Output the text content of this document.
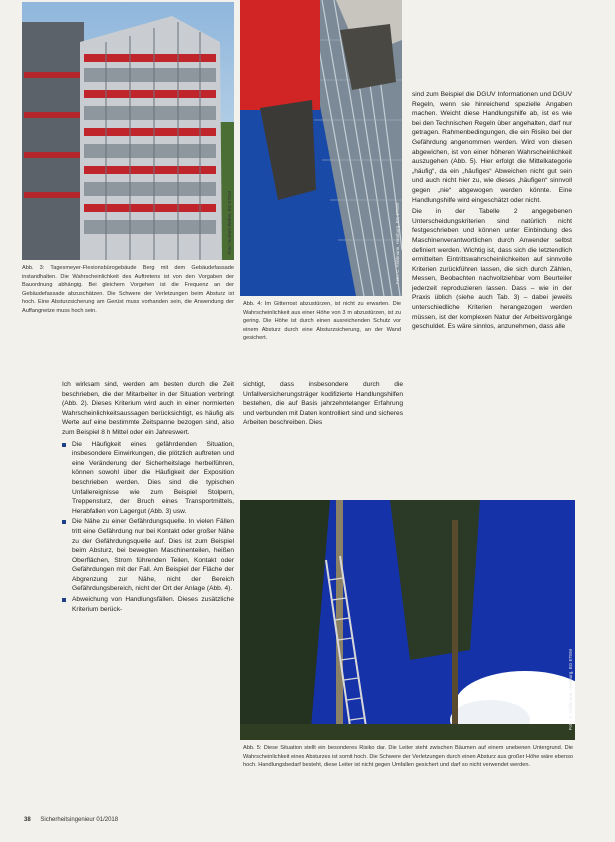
Foto: Norbert Weber, BG ETEM

Abb. 3: Tagesmeyer-Flexionsbürogebäude Berg mit dem Gebäudefassade instandhalten. Die Wahrscheinlichkeit des Auftretens ist von den Vorgaben der Bauordnung abhängig. Bei gleichem Vorgehen ist die Frequenz an der Gebäudefassade abzuschätzen. Die Schwere der Verletzungen beim Absturz ist hoch. Eine Absturzsicherung am Gerüst muss vorhanden sein, die Anwendung der Auffangnetze muss hoch sein.

Foto: C. Kühlmann, Hamburg, BG ETEM

Abb. 4: Im Gitterrost abzustürzen, ist nicht zu erwarten. Die Wahrscheinlichkeit aus einer Höhe von 3 m abzustürzen, ist zu gering. Die Höhe ist durch einen ausreichenden Schutz vor einem Absturz durch eine Absturzsicherung, an der Wand gesichert.

Ich wirksam sind, werden am besten durch die Zeit beschrieben, die der Mitarbeiter in der Situation verbringt (Abb. 2). Dieses Kriterium wird auch in einer normierten Wahrscheinlichkeitsaussagen berücksichtigt, es häufig als Werte auf eine bestimmte Zeitspanne bezogen sind, also zum Beispiel 8 h Mittel oder ein Jahreswert.

Die Häufigkeit eines gefährdenden Situation, insbesondere Einwirkungen, die plötzlich auftreten und eine Veränderung der Sicherheitslage herbeiführen, können sowohl über die Häufigkeit der Exposition beschrieben werden. Dies sind die typischen Unfallereignisse wie zum Beispiel Stolpern, Treppensturz, der Bruch eines Transportmittels, Herabfallen von Lagergut (Abb. 3) usw.
Die Nähe zu einer Gefährdungsquelle. In vielen Fällen tritt eine Gefährdung nur bei Kontakt oder großer Nähe zu der Gefährdungsquelle auf. Dies ist zum Beispiel beim Absturz, bei bewegten Maschinenteilen, heißen Oberflächen, Strom führenden Teilen, Kontakt oder Gefährdungen mit der Fall. Am Beispiel der Fläche der Abgrenzung zur Nähe, nicht der Bereich Gefährdungsbereich, nicht der Ort der Anlage (Abb. 4).
Abweichung von Handlungsfällen. Dieses zusätzliche Kriterium berück-

sichtigt, dass insbesondere durch die Unfallversicherungsträger kodifizierte Handlungshilfen bestehen, die auf Basis jahrzehntelanger Erfahrung und verbunden mit Daten kontrolliert sind und sicheres Arbeiten beschreiben. Dies

sind zum Beispiel die DGUV Informationen und DGUV Regeln, wenn sie hinreichend spezielle Angaben machen. Weicht diese Handlungshilfe ab, ist es wie bei den Technischen Regeln über angehalten, darf nur getragen. Rahmenbedingungen, die ein Risiko bei der Gefährdung angenommen werden. Wird von diesen abgewichen, ist von einer höheren Wahrscheinlichkeit auszugehen (Abb. 5). Hier erfolgt die Mittelkategorie „häufig“, da ein „häufiges“ Abweichen nicht gut sein und auch nicht hier zu, wie dieses „häufigen“ sinnvoll gegen „nie“ abgewogen werden könnte. Eine Handlungshilfe wird eingeschätzt oder nicht.

Die in der Tabelle 2 angegebenen Unterscheidungskriterien sind natürlich nicht festgeschrieben und können unter Einbindung des Maschinenverantwortlichen durch Anwender selbst definiert werden. Wichtig ist, dass sich die letztendlich ermittelten Eintrittswahrscheinlichkeiten auf sinnvolle Kriterien zurückführen lassen, die sich durch Zählen, Messen, Beobachten nachvollziehbar vom Beurteiler jederzeit reproduzieren lassen. Dass – wie in der Praxis üblich (siehe auch Tab. 3) – dabei jeweils unterschiedliche Kriterien herangezogen werden müssen, ist der komplexen Natur der Arbeitsvorgänge geschuldet. Es wäre sinnlos, anzunehmen, dass alle

Foto: C. Kühlmann, Hamburg, BG ETEM

Abb. 5: Diese Situation stellt ein besonderes Risiko dar. Die Leiter steht zwischen Bäumen auf einem unebenen Untergrund. Die Wahrscheinlichkeit eines Absturzes ist somit hoch. Die Schwere der Verletzungen durch einen Absturz aus großer Höhe wäre ebenso hoch. Handlungsbedarf besteht, diese Leiter ist nicht gegen Umfallen gesichert und darf so nicht verwendet werden.

38 Sicherheitsingenieur 01/2018
